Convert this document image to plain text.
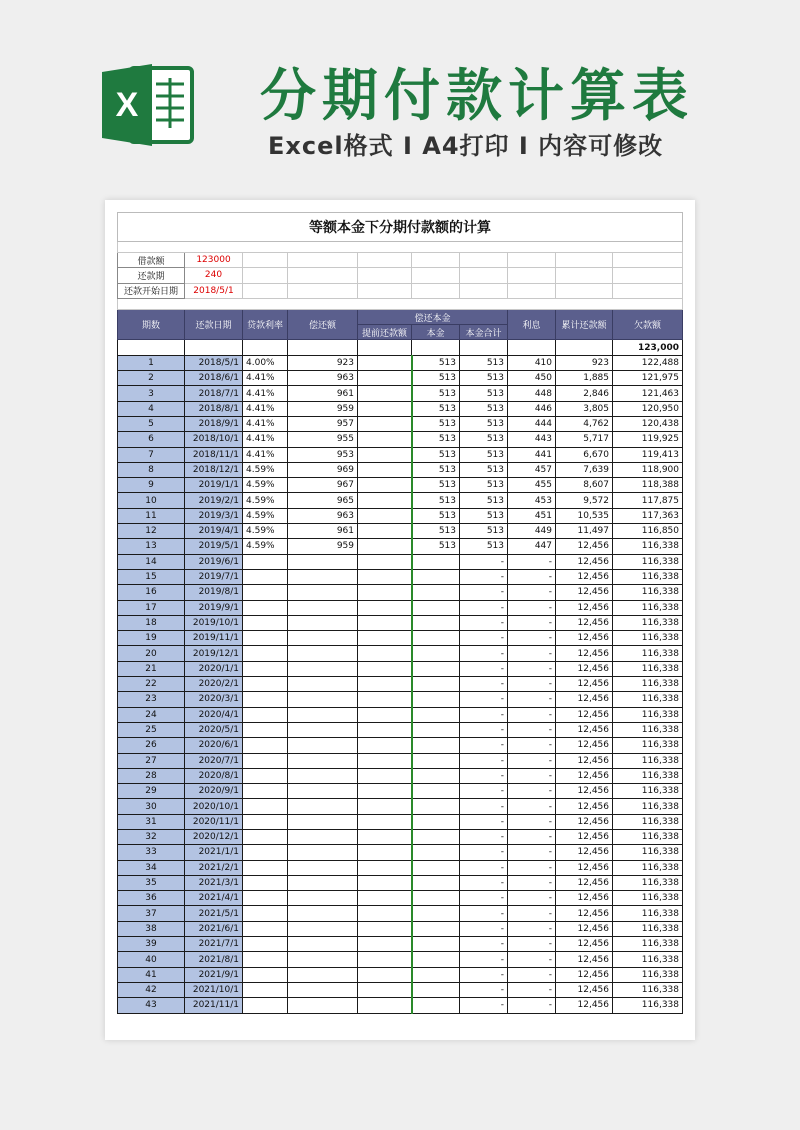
X 分期付款计算表
Excel格式 I A4打印 I 内容可修改
等额本金下分期付款额的计算									

借款额	123000								
还款期	240								
还款开始日期	2018/5/1								

期数	还款日期	贷款利率	偿还额	偿还本金			利息	累计还款额	欠款额
				提前还款额	本金	本金合计			
									123,000
1	2018/5/1	4.00%	923		513	513	410	923	122,488
2	2018/6/1	4.41%	963		513	513	450	1,885	121,975
3	2018/7/1	4.41%	961		513	513	448	2,846	121,463
4	2018/8/1	4.41%	959		513	513	446	3,805	120,950
5	2018/9/1	4.41%	957		513	513	444	4,762	120,438
6	2018/10/1	4.41%	955		513	513	443	5,717	119,925
7	2018/11/1	4.41%	953		513	513	441	6,670	119,413
8	2018/12/1	4.59%	969		513	513	457	7,639	118,900
9	2019/1/1	4.59%	967		513	513	455	8,607	118,388
10	2019/2/1	4.59%	965		513	513	453	9,572	117,875
11	2019/3/1	4.59%	963		513	513	451	10,535	117,363
12	2019/4/1	4.59%	961		513	513	449	11,497	116,850
13	2019/5/1	4.59%	959		513	513	447	12,456	116,338
14	2019/6/1					-	-	12,456	116,338
15	2019/7/1					-	-	12,456	116,338
16	2019/8/1					-	-	12,456	116,338
17	2019/9/1					-	-	12,456	116,338
18	2019/10/1					-	-	12,456	116,338
19	2019/11/1					-	-	12,456	116,338
20	2019/12/1					-	-	12,456	116,338
21	2020/1/1					-	-	12,456	116,338
22	2020/2/1					-	-	12,456	116,338
23	2020/3/1					-	-	12,456	116,338
24	2020/4/1					-	-	12,456	116,338
25	2020/5/1					-	-	12,456	116,338
26	2020/6/1					-	-	12,456	116,338
27	2020/7/1					-	-	12,456	116,338
28	2020/8/1					-	-	12,456	116,338
29	2020/9/1					-	-	12,456	116,338
30	2020/10/1					-	-	12,456	116,338
31	2020/11/1					-	-	12,456	116,338
32	2020/12/1					-	-	12,456	116,338
33	2021/1/1					-	-	12,456	116,338
34	2021/2/1					-	-	12,456	116,338
35	2021/3/1					-	-	12,456	116,338
36	2021/4/1					-	-	12,456	116,338
37	2021/5/1					-	-	12,456	116,338
38	2021/6/1					-	-	12,456	116,338
39	2021/7/1					-	-	12,456	116,338
40	2021/8/1					-	-	12,456	116,338
41	2021/9/1					-	-	12,456	116,338
42	2021/10/1					-	-	12,456	116,338
43	2021/11/1					-	-	12,456	116,338
